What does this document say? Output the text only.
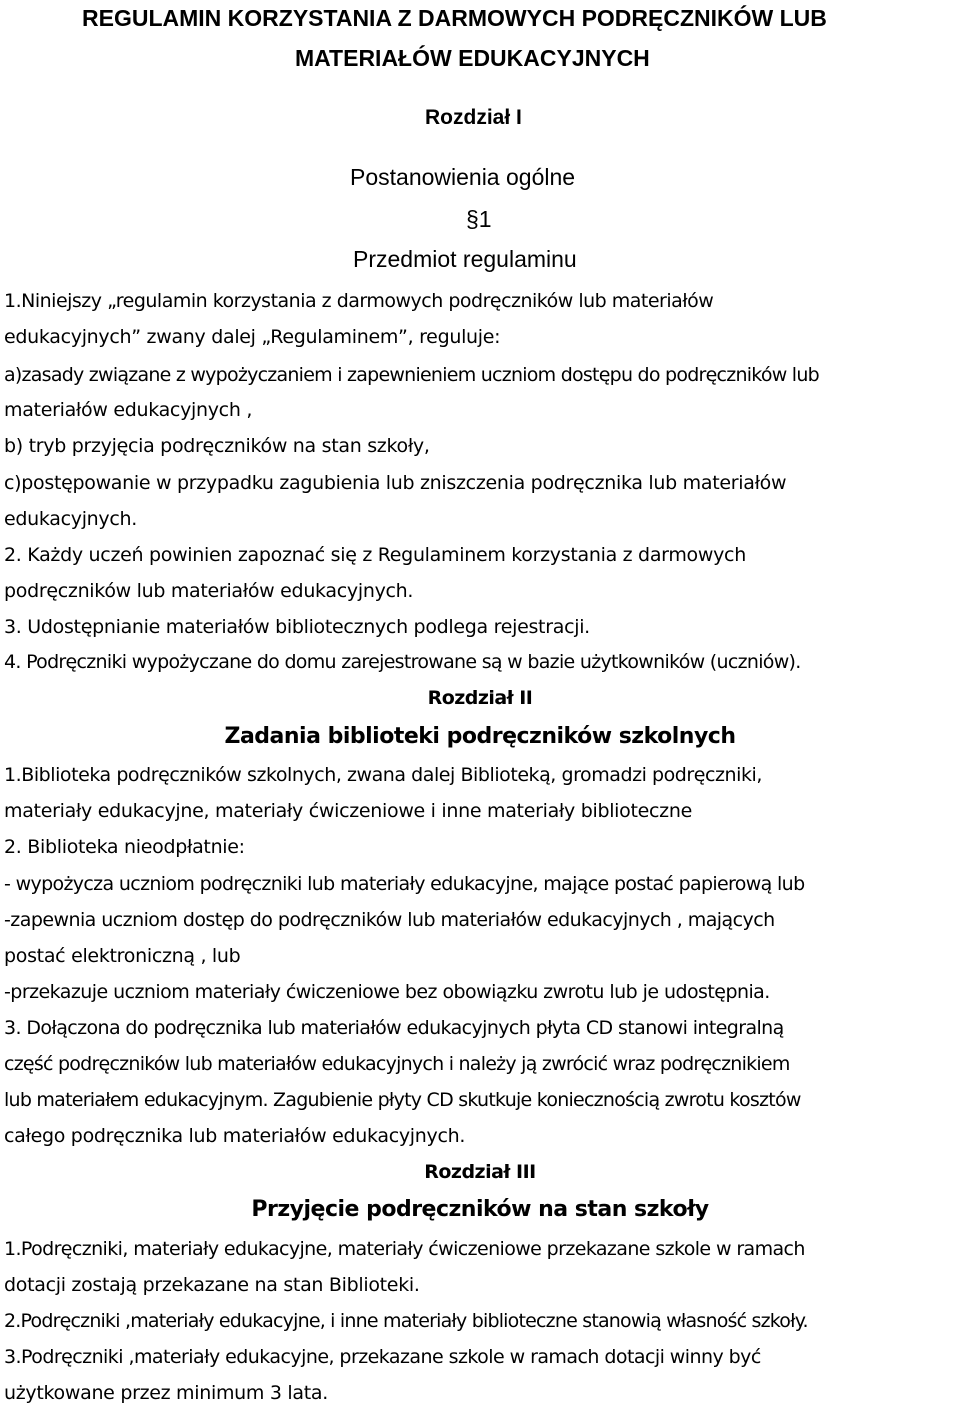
REGULAMIN KORZYSTANIA Z DARMOWYCH PODRĘCZNIKÓW LUB
MATERIAŁÓW EDUKACYJNYCH
Rozdział I
Postanowienia ogólne
§1
Przedmiot regulaminu
1.Niniejszy „regulamin korzystania z darmowych podręczników lub materiałów
edukacyjnych” zwany dalej „Regulaminem”, reguluje:
a)zasady związane z wypożyczaniem i zapewnieniem uczniom dostępu do podręczników lub
materiałów edukacyjnych ,
b) tryb przyjęcia podręczników na stan szkoły,
c)postępowanie w przypadku zagubienia lub zniszczenia podręcznika lub materiałów
edukacyjnych.
2. Każdy uczeń powinien zapoznać się z Regulaminem korzystania z darmowych
podręczników lub materiałów edukacyjnych.
3. Udostępnianie materiałów bibliotecznych podlega rejestracji.
4. Podręczniki wypożyczane do domu zarejestrowane są w bazie użytkowników (uczniów).
Rozdział II
Zadania biblioteki podręczników szkolnych
1.Biblioteka podręczników szkolnych, zwana dalej Biblioteką, gromadzi podręczniki,
materiały edukacyjne, materiały ćwiczeniowe i inne materiały biblioteczne
2. Biblioteka nieodpłatnie:
- wypożycza uczniom podręczniki lub materiały edukacyjne, mające postać papierową lub
-zapewnia uczniom dostęp do podręczników lub materiałów edukacyjnych , mających
postać elektroniczną , lub
-przekazuje uczniom materiały ćwiczeniowe bez obowiązku zwrotu lub je udostępnia.
3. Dołączona do podręcznika lub materiałów edukacyjnych płyta CD stanowi integralną
część podręczników lub materiałów edukacyjnych i należy ją zwrócić wraz podręcznikiem
lub materiałem edukacyjnym. Zagubienie płyty CD skutkuje koniecznością zwrotu kosztów
całego podręcznika lub materiałów edukacyjnych.
Rozdział III
Przyjęcie podręczników na stan szkoły
1.Podręczniki, materiały edukacyjne, materiały ćwiczeniowe przekazane szkole w ramach
dotacji zostają przekazane na stan Biblioteki.
2.Podręczniki ,materiały edukacyjne, i inne materiały biblioteczne stanowią własność szkoły.
3.Podręczniki ,materiały edukacyjne, przekazane szkole w ramach dotacji winny być
użytkowane przez minimum 3 lata.
